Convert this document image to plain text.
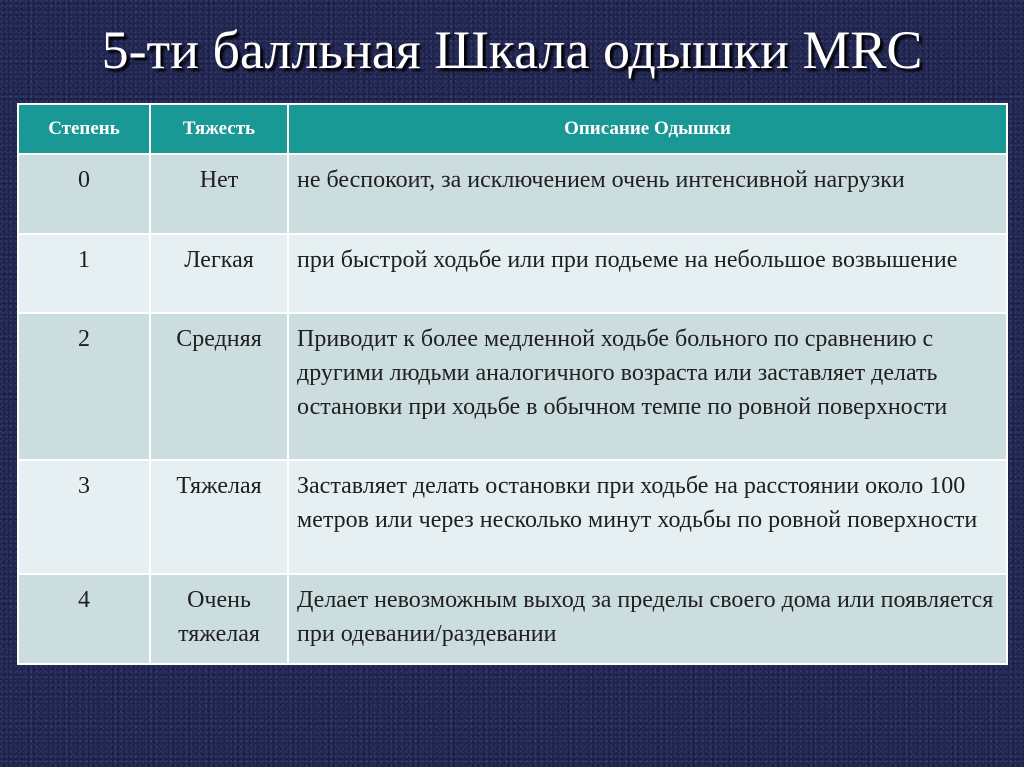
5-ти балльная Шкала одышки MRC
Степень	Тяжесть	Описание Одышки
0	Нет	не беспокоит, за исключением очень интенсивной нагрузки
1	Легкая	при быстрой ходьбе или при подьеме на небольшое возвышение
2	Средняя	Приводит к более медленной ходьбе больного по сравнению с другими людьми аналогичного возраста или заставляет делать остановки при ходьбе в обычном темпе по ровной поверхности
3	Тяжелая	Заставляет делать остановки при ходьбе на расстоянии около 100 метров или через несколько минут ходьбы по ровной поверхности
4	Очень тяжелая	Делает невозможным выход за пределы своего дома или появляется при одевании/раздевании
